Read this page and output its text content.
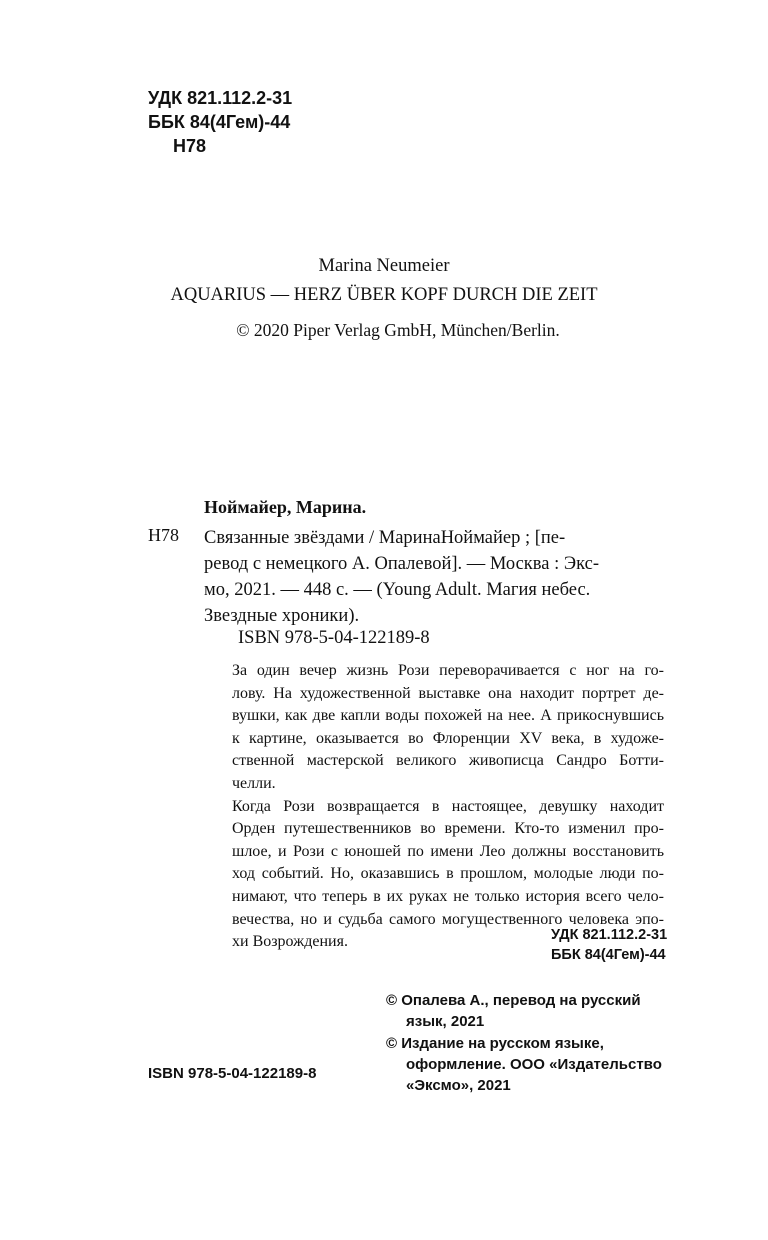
УДК 821.112.2-31
ББК 84(4Гем)-44
Н78
Marina Neumeier
AQUARIUS — HERZ ÜBER KOPF DURCH DIE ZEIT
© 2020 Piper Verlag GmbH, München/Berlin.
Ноймайер, Марина.
Н78 Связанные звёздами / МаринаНоймайер ; [пе-
ревод с немецкого А. Опалевой]. — Москва : Экс-
мо, 2021. — 448 с. — (Young Adult. Магия небес.
Звездные хроники).
ISBN 978-5-04-122189-8

За один вечер жизнь Рози переворачивается с ног на го-
лову. На художественной выставке она находит портрет де-
вушки, как две капли воды похожей на нее. А прикоснувшись
к картине, оказывается во Флоренции XV века, в художе-
ственной мастерской великого живописца Сандро Ботти-
челли.

Когда Рози возвращается в настоящее, девушку находит
Орден путешественников во времени. Кто-то изменил про-
шлое, и Рози с юношей по имени Лео должны восстановить
ход событий. Но, оказавшись в прошлом, молодые люди по-
нимают, что теперь в их руках не только история всего чело-
вечества, но и судьба самого могущественного человека эпо-
хи Возрождения.	УДК 821.112.2-31
ББК 84(4Гем)-44
© Опалева А., перевод на русский язык, 2021
© Издание на русском языке, оформление. ООО «Издательство «Эксмо», 2021
ISBN 978-5-04-122189-8
